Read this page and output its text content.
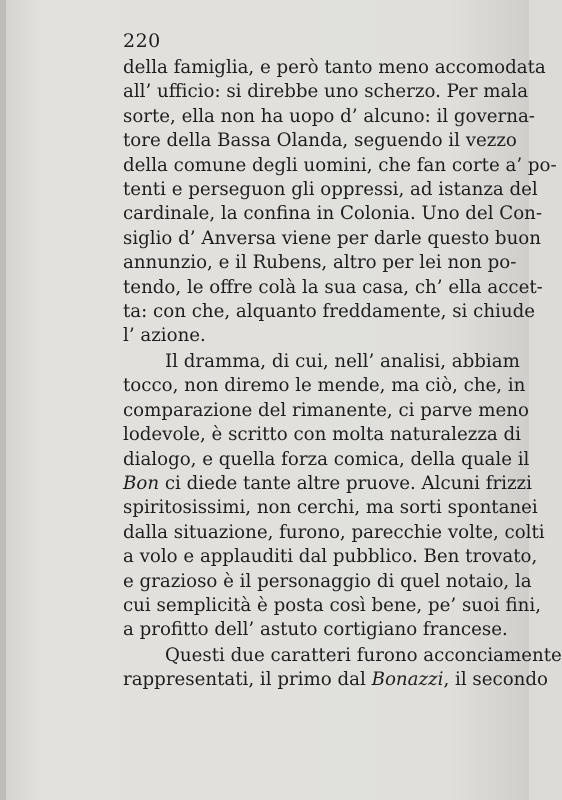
220
della famiglia, e però tanto meno accomodata
all’ ufficio: si direbbe uno scherzo. Per mala
sorte, ella non ha uopo d’ alcuno: il governa-
tore della Bassa Olanda, seguendo il vezzo
della comune degli uomini, che fan corte a’ po-
tenti e perseguon gli oppressi, ad istanza del
cardinale, la confina in Colonia. Uno del Con-
siglio d’ Anversa viene per darle questo buon
annunzio, e il Rubens, altro per lei non po-
tendo, le offre colà la sua casa, ch’ ella accet-
ta: con che, alquanto freddamente, si chiude
l’ azione.
Il dramma, di cui, nell’ analisi, abbiam
tocco, non diremo le mende, ma ciò, che, in
comparazione del rimanente, ci parve meno
lodevole, è scritto con molta naturalezza di
dialogo, e quella forza comica, della quale il
Bon ci diede tante altre pruove. Alcuni frizzi
spiritosissimi, non cerchi, ma sorti spontanei
dalla situazione, furono, parecchie volte, colti
a volo e applauditi dal pubblico. Ben trovato,
e grazioso è il personaggio di quel notaio, la
cui semplicità è posta così bene, pe’ suoi fini,
a profitto dell’ astuto cortigiano francese.
Questi due caratteri furono acconciamente
rappresentati, il primo dal Bonazzi, il secondo
